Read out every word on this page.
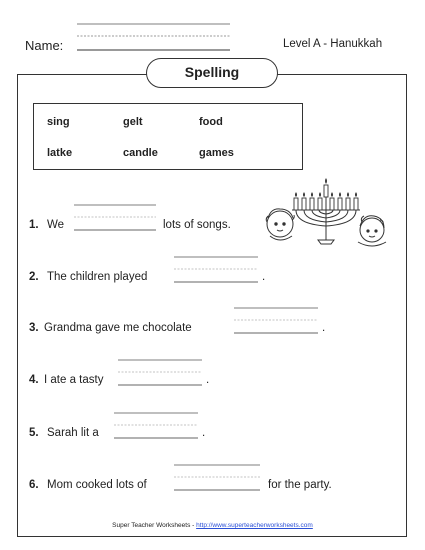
Name:	Level A - Hanukkah
Spelling
sing	gelt	food
latke	candle	games
1. We	lots of songs.
2. The children played	.
3. Grandma gave me chocolate	.
4. I ate a tasty	.
5. Sarah lit a	.
6. Mom cooked lots of	for the party.
Super Teacher Worksheets - http://www.superteacherworksheets.com
